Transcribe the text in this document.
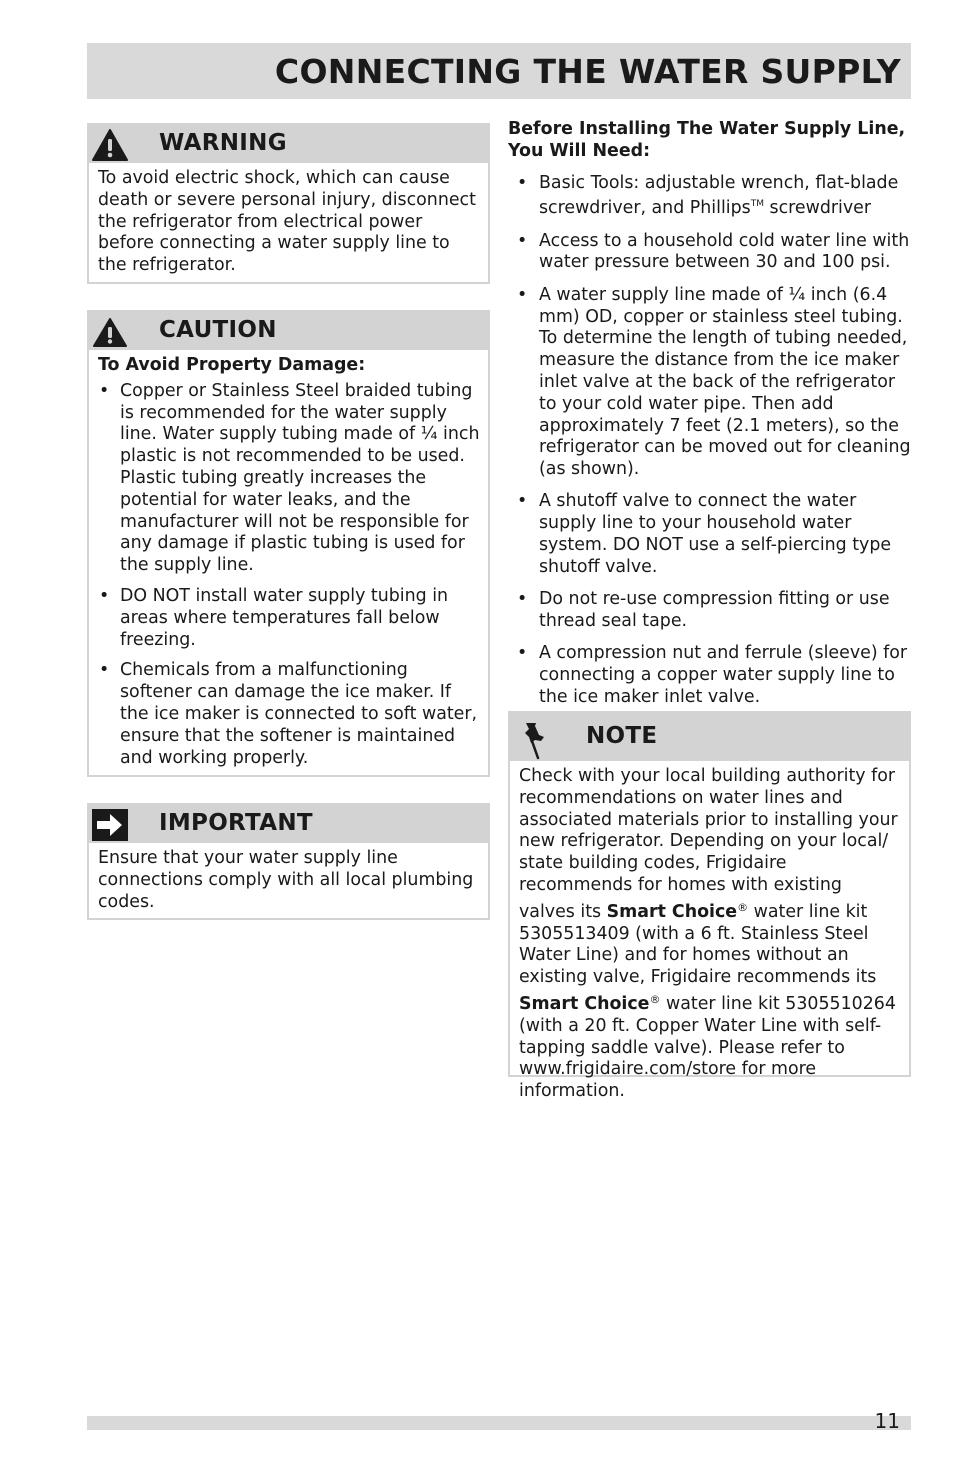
CONNECTING THE WATER SUPPLY
WARNING

To avoid electric shock, which can cause death or severe personal injury, disconnect the refrigerator from electrical power before connecting a water supply line to the refrigerator.

CAUTION

To Avoid Property Damage:

• Copper or Stainless Steel braided tubing is recommended for the water supply line. Water supply tubing made of ¼ inch plastic is not recommended to be used. Plastic tubing greatly increases the potential for water leaks, and the manufacturer will not be responsible for any damage if plastic tubing is used for the supply line.
• DO NOT install water supply tubing in areas where temperatures fall below freezing.
• Chemicals from a malfunctioning softener can damage the ice maker. If the ice maker is connected to soft water, ensure that the softener is maintained and working properly.
IMPORTANT

Ensure that your water supply line connections comply with all local plumbing codes.

Before Installing The Water Supply Line, You Will Need:

• Basic Tools: adjustable wrench, flat-blade screwdriver, and Phillips™ screwdriver
• Access to a household cold water line with water pressure between 30 and 100 psi.
• A water supply line made of ¼ inch (6.4 mm) OD, copper or stainless steel tubing. To determine the length of tubing needed, measure the distance from the ice maker inlet valve at the back of the refrigerator to your cold water pipe. Then add approximately 7 feet (2.1 meters), so the refrigerator can be moved out for cleaning (as shown).
• A shutoff valve to connect the water supply line to your household water system. DO NOT use a self-piercing type shutoff valve.
• Do not re-use compression fitting or use thread seal tape.
• A compression nut and ferrule (sleeve) for connecting a copper water supply line to the ice maker inlet valve.
NOTE

Check with your local building authority for recommendations on water lines and associated materials prior to installing your new refrigerator. Depending on your local/ state building codes, Frigidaire recommends for homes with existing valves its Smart Choice® water line kit 5305513409 (with a 6 ft. Stainless Steel Water Line) and for homes without an existing valve, Frigidaire recommends its Smart Choice® water line kit 5305510264 (with a 20 ft. Copper Water Line with self-tapping saddle valve). Please refer to www.frigidaire.com/store for more information.

11
